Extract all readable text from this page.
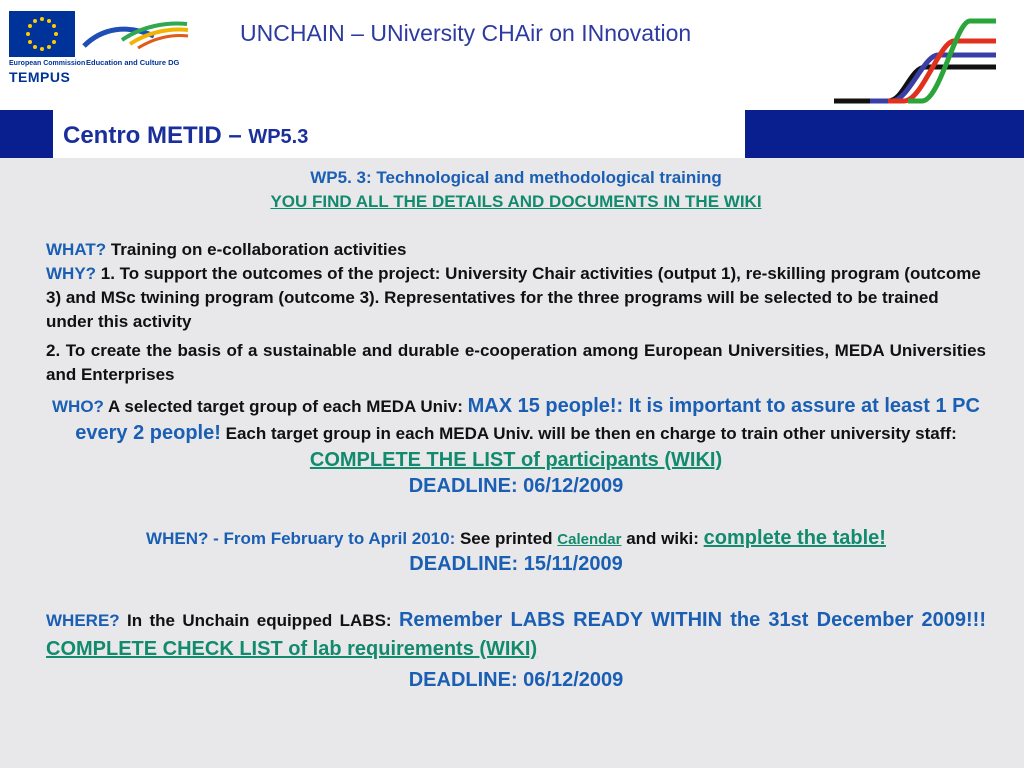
European Commission
TEMPUS
Education and Culture DG
UNCHAIN – UNiversity CHAir on INnovation
Centro METID – WP5.3

WP5. 3: Technological and methodological training

YOU FIND ALL THE DETAILS AND DOCUMENTS IN THE WIKI

WHAT? Training on e-collaboration activities

WHY? 1. To support the outcomes of the project: University Chair activities (output 1), re-skilling program (outcome 3) and MSc twining program (outcome 3). Representatives for the three programs will be selected to be trained under this activity

2. To create the basis of a sustainable and durable e-cooperation among European Universities, MEDA Universities and Enterprises

WHO? A selected target group of each MEDA Univ: MAX 15 people!: It is important to assure at least 1 PC every 2 people! Each target group in each MEDA Univ. will be then en charge to train other university staff: COMPLETE THE LIST of participants (WIKI)

DEADLINE: 06/12/2009

WHEN? - From February to April 2010: See printed Calendar and wiki: complete the table!

DEADLINE: 15/11/2009

WHERE? In the Unchain equipped LABS: Remember LABS READY WITHIN the 31st December 2009!!! COMPLETE CHECK LIST of lab requirements (WIKI)

DEADLINE: 06/12/2009
